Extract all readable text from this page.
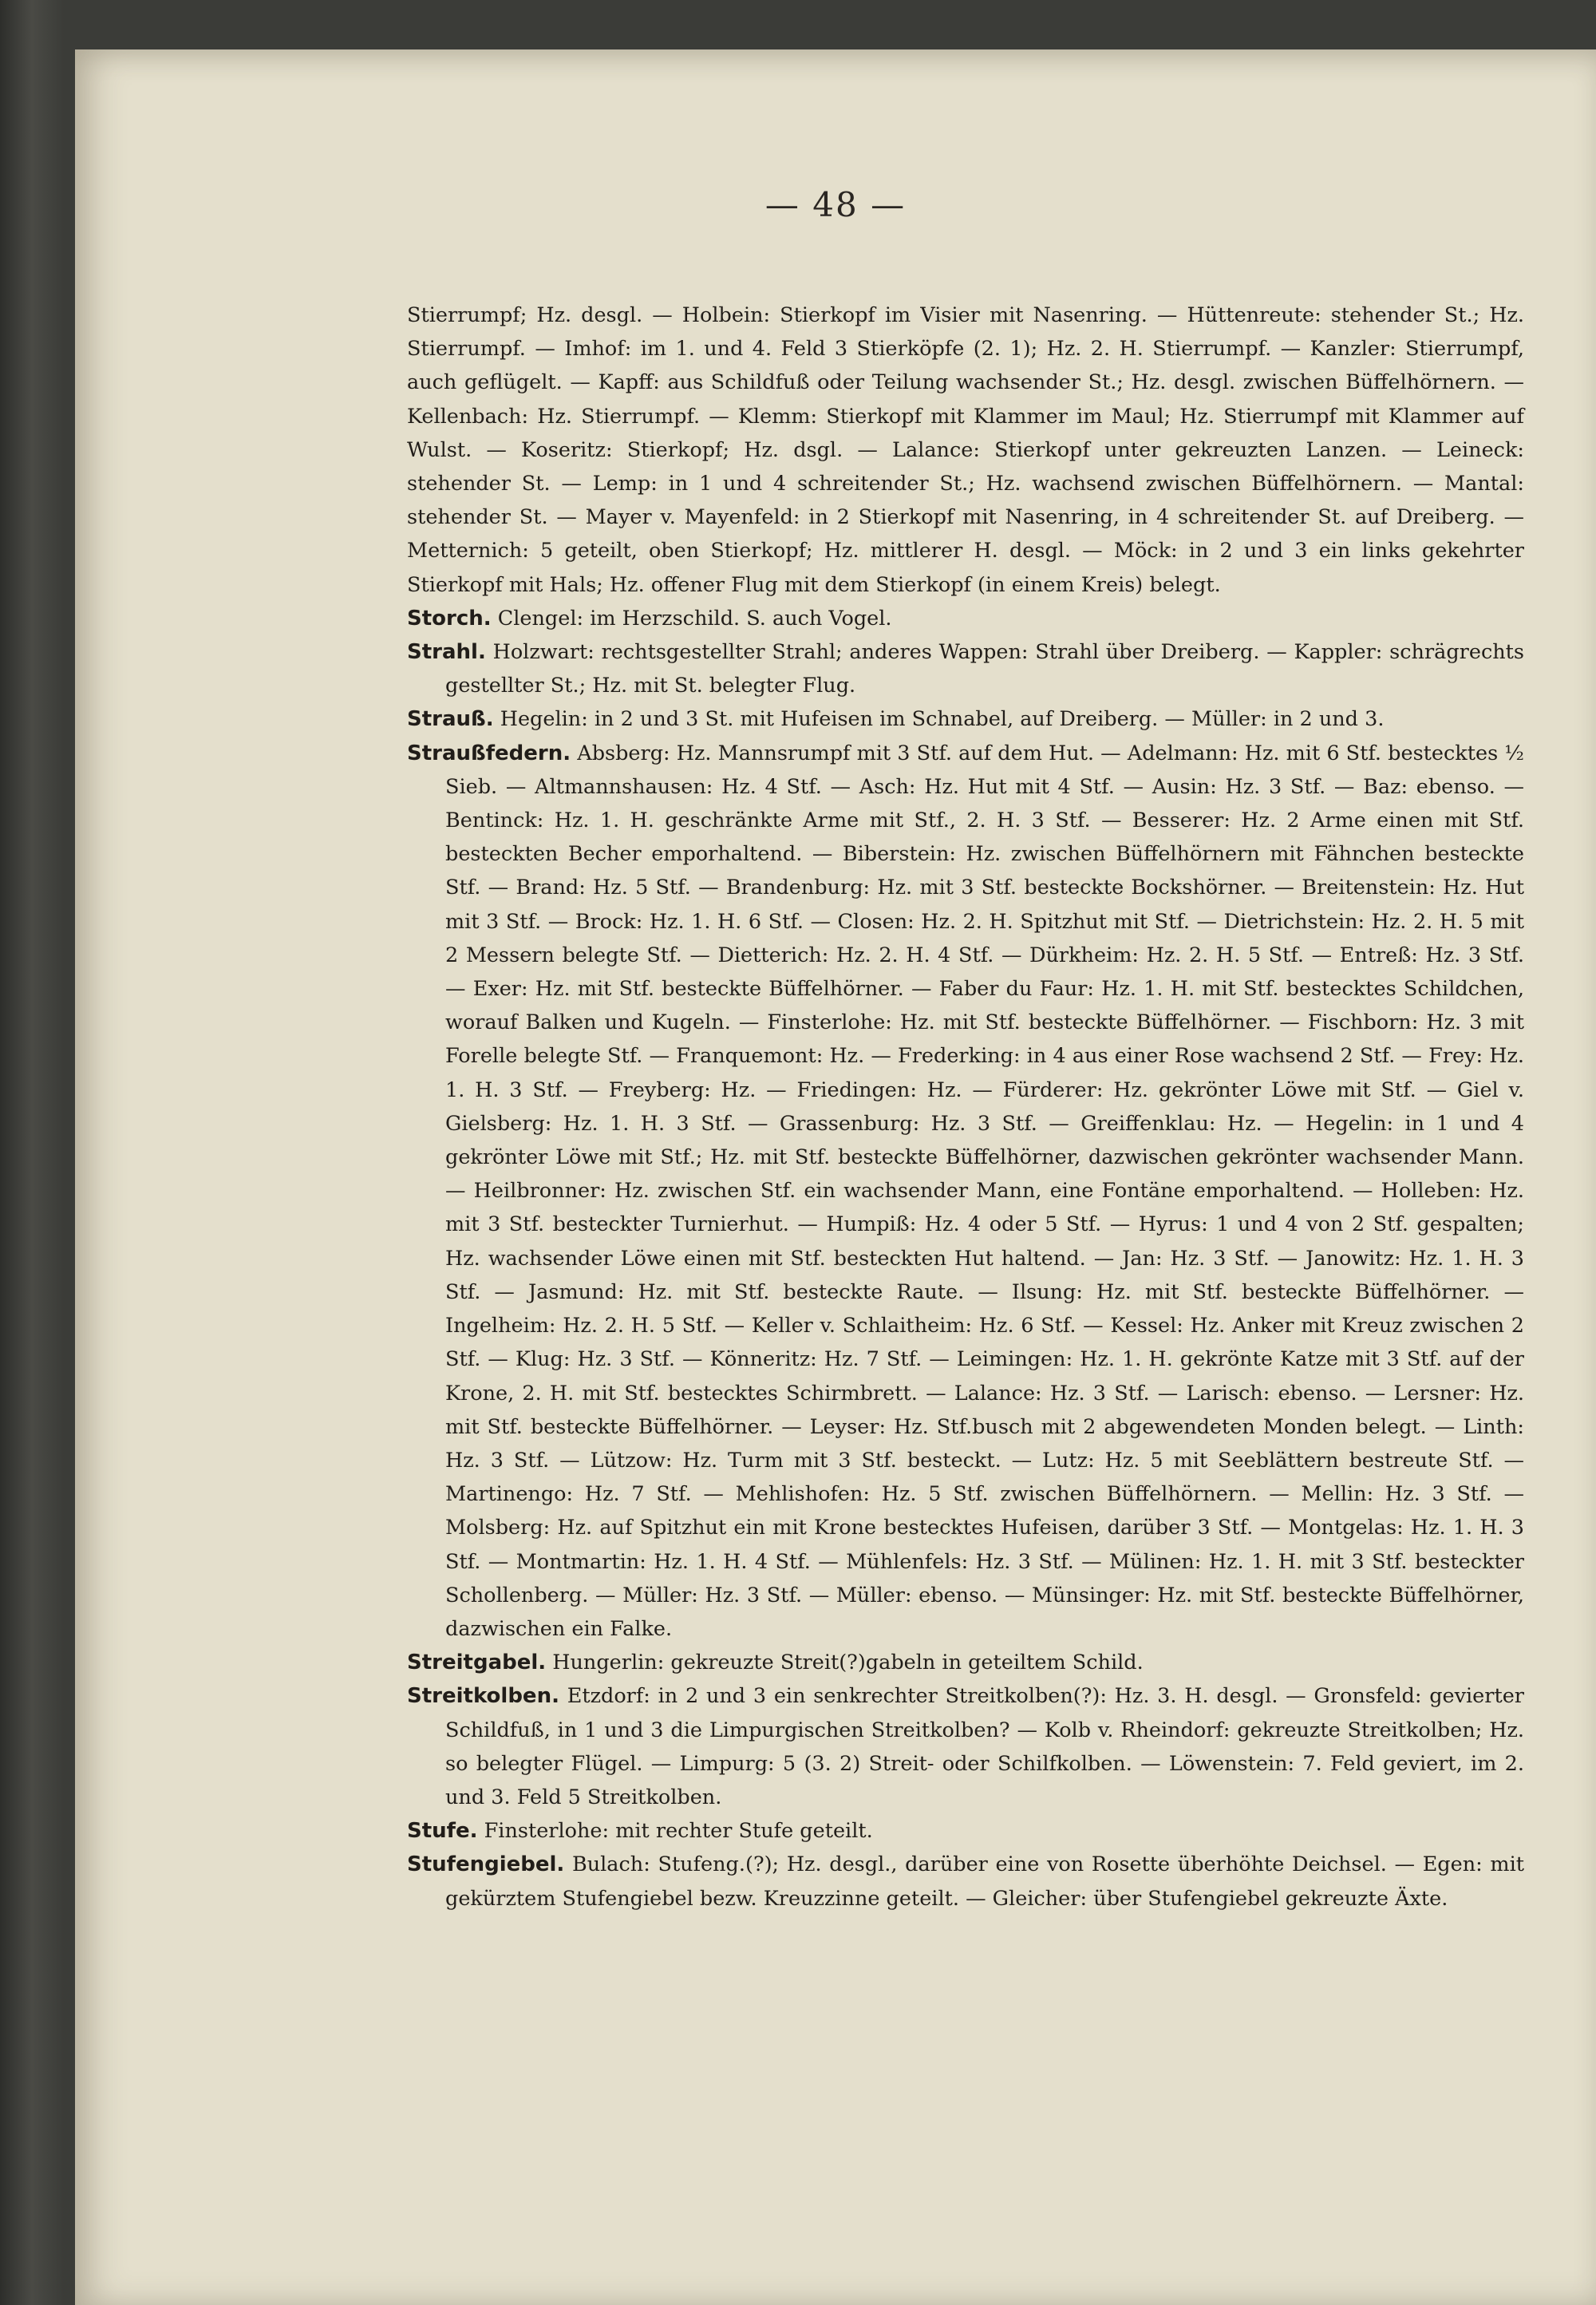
— 48 —

Stierrumpf; Hz. desgl. — Holbein: Stierkopf im Visier mit Nasenring. — Hüttenreute: stehender St.; Hz. Stierrumpf. — Imhof: im 1. und 4. Feld 3 Stierköpfe (2. 1); Hz. 2. H. Stierrumpf. — Kanzler: Stierrumpf, auch geflügelt. — Kapff: aus Schildfuß oder Teilung wachsender St.; Hz. desgl. zwischen Büffelhörnern. — Kellenbach: Hz. Stierrumpf. — Klemm: Stierkopf mit Klammer im Maul; Hz. Stierrumpf mit Klammer auf Wulst. — Koseritz: Stierkopf; Hz. dsgl. — Lalance: Stierkopf unter gekreuzten Lanzen. — Leineck: stehender St. — Lemp: in 1 und 4 schreitender St.; Hz. wachsend zwischen Büffelhörnern. — Mantal: stehender St. — Mayer v. Mayenfeld: in 2 Stierkopf mit Nasenring, in 4 schreitender St. auf Dreiberg. — Metternich: 5 geteilt, oben Stierkopf; Hz. mittlerer H. desgl. — Möck: in 2 und 3 ein links gekehrter Stierkopf mit Hals; Hz. offener Flug mit dem Stierkopf (in einem Kreis) belegt.

Storch. Clengel: im Herzschild. S. auch Vogel.

Strahl. Holzwart: rechtsgestellter Strahl; anderes Wappen: Strahl über Dreiberg. — Kappler: schrägrechts gestellter St.; Hz. mit St. belegter Flug.

Strauß. Hegelin: in 2 und 3 St. mit Hufeisen im Schnabel, auf Dreiberg. — Müller: in 2 und 3.

Straußfedern. Absberg: Hz. Mannsrumpf mit 3 Stf. auf dem Hut. — Adelmann: Hz. mit 6 Stf. bestecktes ½ Sieb. — Altmannshausen: Hz. 4 Stf. — Asch: Hz. Hut mit 4 Stf. — Ausin: Hz. 3 Stf. — Baz: ebenso. — Bentinck: Hz. 1. H. geschränkte Arme mit Stf., 2. H. 3 Stf. — Besserer: Hz. 2 Arme einen mit Stf. besteckten Becher emporhaltend. — Biberstein: Hz. zwischen Büffelhörnern mit Fähnchen besteckte Stf. — Brand: Hz. 5 Stf. — Brandenburg: Hz. mit 3 Stf. besteckte Bockshörner. — Breitenstein: Hz. Hut mit 3 Stf. — Brock: Hz. 1. H. 6 Stf. — Closen: Hz. 2. H. Spitzhut mit Stf. — Dietrichstein: Hz. 2. H. 5 mit 2 Messern belegte Stf. — Dietterich: Hz. 2. H. 4 Stf. — Dürkheim: Hz. 2. H. 5 Stf. — Entreß: Hz. 3 Stf. — Exer: Hz. mit Stf. besteckte Büffelhörner. — Faber du Faur: Hz. 1. H. mit Stf. bestecktes Schildchen, worauf Balken und Kugeln. — Finsterlohe: Hz. mit Stf. besteckte Büffelhörner. — Fischborn: Hz. 3 mit Forelle belegte Stf. — Franquemont: Hz. — Frederking: in 4 aus einer Rose wachsend 2 Stf. — Frey: Hz. 1. H. 3 Stf. — Freyberg: Hz. — Friedingen: Hz. — Fürderer: Hz. gekrönter Löwe mit Stf. — Giel v. Gielsberg: Hz. 1. H. 3 Stf. — Grassenburg: Hz. 3 Stf. — Greiffenklau: Hz. — Hegelin: in 1 und 4 gekrönter Löwe mit Stf.; Hz. mit Stf. besteckte Büffelhörner, dazwischen gekrönter wachsender Mann. — Heilbronner: Hz. zwischen Stf. ein wachsender Mann, eine Fontäne emporhaltend. — Holleben: Hz. mit 3 Stf. besteckter Turnierhut. — Humpiß: Hz. 4 oder 5 Stf. — Hyrus: 1 und 4 von 2 Stf. gespalten; Hz. wachsender Löwe einen mit Stf. besteckten Hut haltend. — Jan: Hz. 3 Stf. — Janowitz: Hz. 1. H. 3 Stf. — Jasmund: Hz. mit Stf. besteckte Raute. — Ilsung: Hz. mit Stf. besteckte Büffelhörner. — Ingelheim: Hz. 2. H. 5 Stf. — Keller v. Schlaitheim: Hz. 6 Stf. — Kessel: Hz. Anker mit Kreuz zwischen 2 Stf. — Klug: Hz. 3 Stf. — Könneritz: Hz. 7 Stf. — Leimingen: Hz. 1. H. gekrönte Katze mit 3 Stf. auf der Krone, 2. H. mit Stf. bestecktes Schirmbrett. — Lalance: Hz. 3 Stf. — Larisch: ebenso. — Lersner: Hz. mit Stf. besteckte Büffelhörner. — Leyser: Hz. Stf.busch mit 2 abgewendeten Monden belegt. — Linth: Hz. 3 Stf. — Lützow: Hz. Turm mit 3 Stf. besteckt. — Lutz: Hz. 5 mit Seeblättern bestreute Stf. — Martinengo: Hz. 7 Stf. — Mehlishofen: Hz. 5 Stf. zwischen Büffelhörnern. — Mellin: Hz. 3 Stf. — Molsberg: Hz. auf Spitzhut ein mit Krone bestecktes Hufeisen, darüber 3 Stf. — Montgelas: Hz. 1. H. 3 Stf. — Montmartin: Hz. 1. H. 4 Stf. — Mühlenfels: Hz. 3 Stf. — Mülinen: Hz. 1. H. mit 3 Stf. besteckter Schollenberg. — Müller: Hz. 3 Stf. — Müller: ebenso. — Münsinger: Hz. mit Stf. besteckte Büffelhörner, dazwischen ein Falke.

Streitgabel. Hungerlin: gekreuzte Streit(?)gabeln in geteiltem Schild.

Streitkolben. Etzdorf: in 2 und 3 ein senkrechter Streitkolben(?): Hz. 3. H. desgl. — Gronsfeld: gevierter Schildfuß, in 1 und 3 die Limpurgischen Streitkolben? — Kolb v. Rheindorf: gekreuzte Streitkolben; Hz. so belegter Flügel. — Limpurg: 5 (3. 2) Streit- oder Schilfkolben. — Löwenstein: 7. Feld geviert, im 2. und 3. Feld 5 Streitkolben.

Stufe. Finsterlohe: mit rechter Stufe geteilt.

Stufengiebel. Bulach: Stufeng.(?); Hz. desgl., darüber eine von Rosette überhöhte Deichsel. — Egen: mit gekürztem Stufengiebel bezw. Kreuzzinne geteilt. — Gleicher: über Stufengiebel gekreuzte Äxte.
